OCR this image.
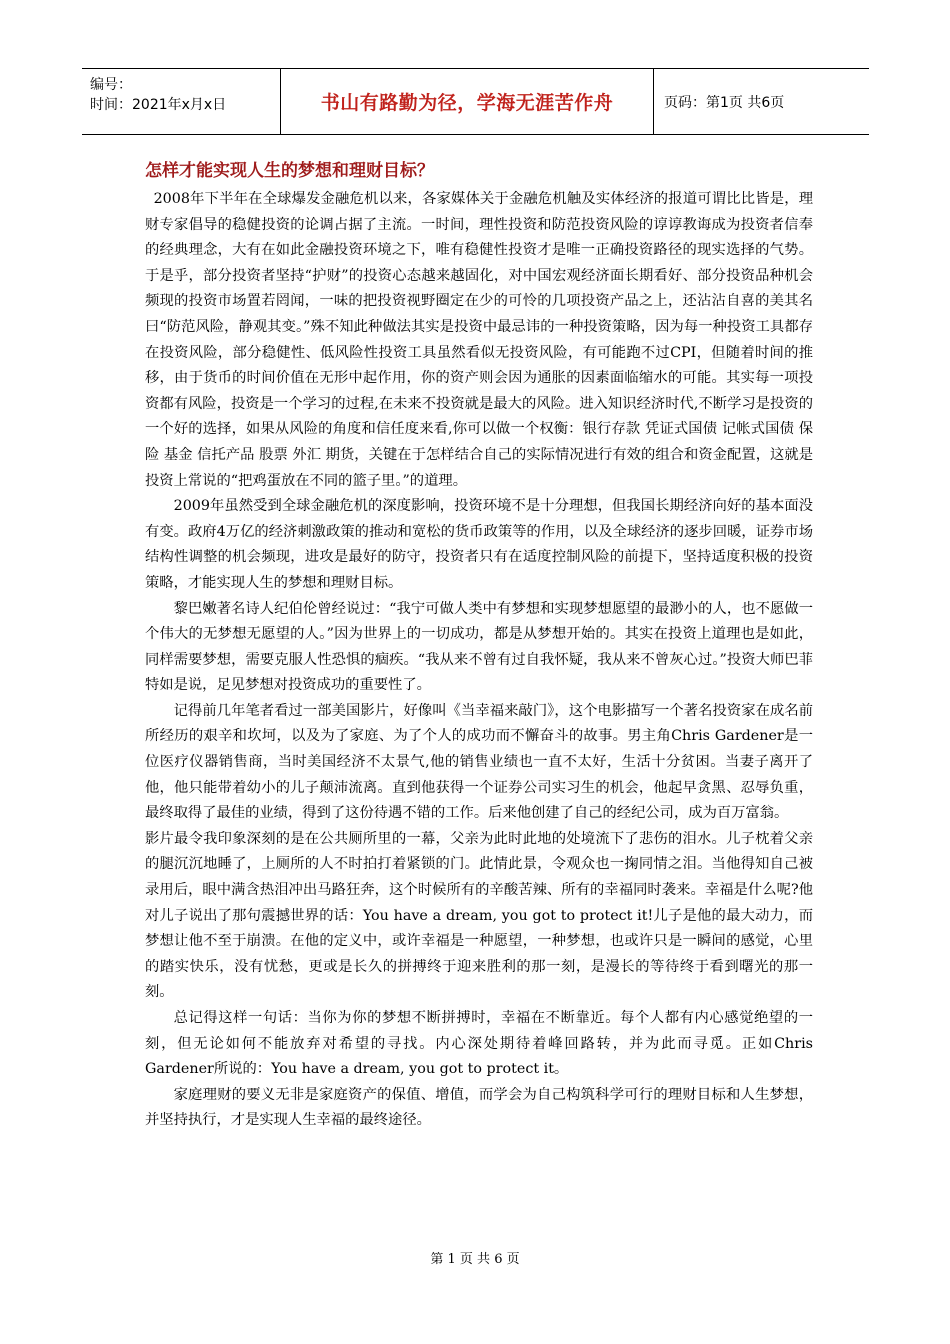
编号：
时间：2021年x月x日	书山有路勤为径，学海无涯苦作舟	页码：第1页 共6页
怎样才能实现人生的梦想和理财目标？

2008年下半年在全球爆发金融危机以来，各家媒体关于金融危机触及实体经济的报道可谓比比皆是，理财专家倡导的稳健投资的论调占据了主流。一时间，理性投资和防范投资风险的谆谆教诲成为投资者信奉的经典理念，大有在如此金融投资环境之下，唯有稳健性投资才是唯一正确投资路径的现实选择的气势。于是乎，部分投资者坚持“护财”的投资心态越来越固化，对中国宏观经济面长期看好、部分投资品种机会频现的投资市场置若罔闻，一味的把投资视野圈定在少的可怜的几项投资产品之上，还沾沾自喜的美其名曰“防范风险，静观其变。”殊不知此种做法其实是投资中最忌讳的一种投资策略，因为每一种投资工具都存在投资风险，部分稳健性、低风险性投资工具虽然看似无投资风险，有可能跑不过CPI，但随着时间的推移，由于货币的时间价值在无形中起作用，你的资产则会因为通胀的因素面临缩水的可能。其实每一项投资都有风险，投资是一个学习的过程,在未来不投资就是最大的风险。进入知识经济时代,不断学习是投资的一个好的选择，如果从风险的角度和信任度来看,你可以做一个权衡：银行存款 凭证式国债 记帐式国债 保险 基金 信托产品 股票 外汇 期货，关键在于怎样结合自己的实际情况进行有效的组合和资金配置，这就是投资上常说的“把鸡蛋放在不同的篮子里。”的道理。

2009年虽然受到全球金融危机的深度影响，投资环境不是十分理想，但我国长期经济向好的基本面没有变。政府4万亿的经济刺激政策的推动和宽松的货币政策等的作用，以及全球经济的逐步回暖，证券市场结构性调整的机会频现，进攻是最好的防守，投资者只有在适度控制风险的前提下，坚持适度积极的投资策略，才能实现人生的梦想和理财目标。

黎巴嫩著名诗人纪伯伦曾经说过：“我宁可做人类中有梦想和实现梦想愿望的最渺小的人，也不愿做一个伟大的无梦想无愿望的人。”因为世界上的一切成功，都是从梦想开始的。其实在投资上道理也是如此，同样需要梦想，需要克服人性恐惧的痼疾。“我从来不曾有过自我怀疑，我从来不曾灰心过。”投资大师巴菲特如是说，足见梦想对投资成功的重要性了。

记得前几年笔者看过一部美国影片，好像叫《当幸福来敲门》，这个电影描写一个著名投资家在成名前所经历的艰辛和坎坷，以及为了家庭、为了个人的成功而不懈奋斗的故事。男主角Chris Gardener是一位医疗仪器销售商，当时美国经济不太景气,他的销售业绩也一直不太好，生活十分贫困。当妻子离开了他，他只能带着幼小的儿子颠沛流离。直到他获得一个证券公司实习生的机会，他起早贪黑、忍辱负重，最终取得了最佳的业绩，得到了这份待遇不错的工作。后来他创建了自己的经纪公司，成为百万富翁。

影片最令我印象深刻的是在公共厕所里的一幕，父亲为此时此地的处境流下了悲伤的泪水。儿子枕着父亲的腿沉沉地睡了，上厕所的人不时拍打着紧锁的门。此情此景，令观众也一掬同情之泪。当他得知自己被录用后，眼中满含热泪冲出马路狂奔，这个时候所有的辛酸苦辣、所有的幸福同时袭来。幸福是什么呢?他对儿子说出了那句震撼世界的话：You have a dream, you got to protect it!儿子是他的最大动力，而梦想让他不至于崩溃。在他的定义中，或许幸福是一种愿望，一种梦想，也或许只是一瞬间的感觉，心里的踏实快乐，没有忧愁，更或是长久的拼搏终于迎来胜利的那一刻，是漫长的等待终于看到曙光的那一刻。

总记得这样一句话：当你为你的梦想不断拼搏时，幸福在不断靠近。每个人都有内心感觉绝望的一刻，但无论如何不能放弃对希望的寻找。内心深处期待着峰回路转，并为此而寻觅。正如Chris Gardener所说的：You have a dream, you got to protect it。

家庭理财的要义无非是家庭资产的保值、增值，而学会为自己构筑科学可行的理财目标和人生梦想，并坚持执行，才是实现人生幸福的最终途径。

第 1 页 共 6 页
